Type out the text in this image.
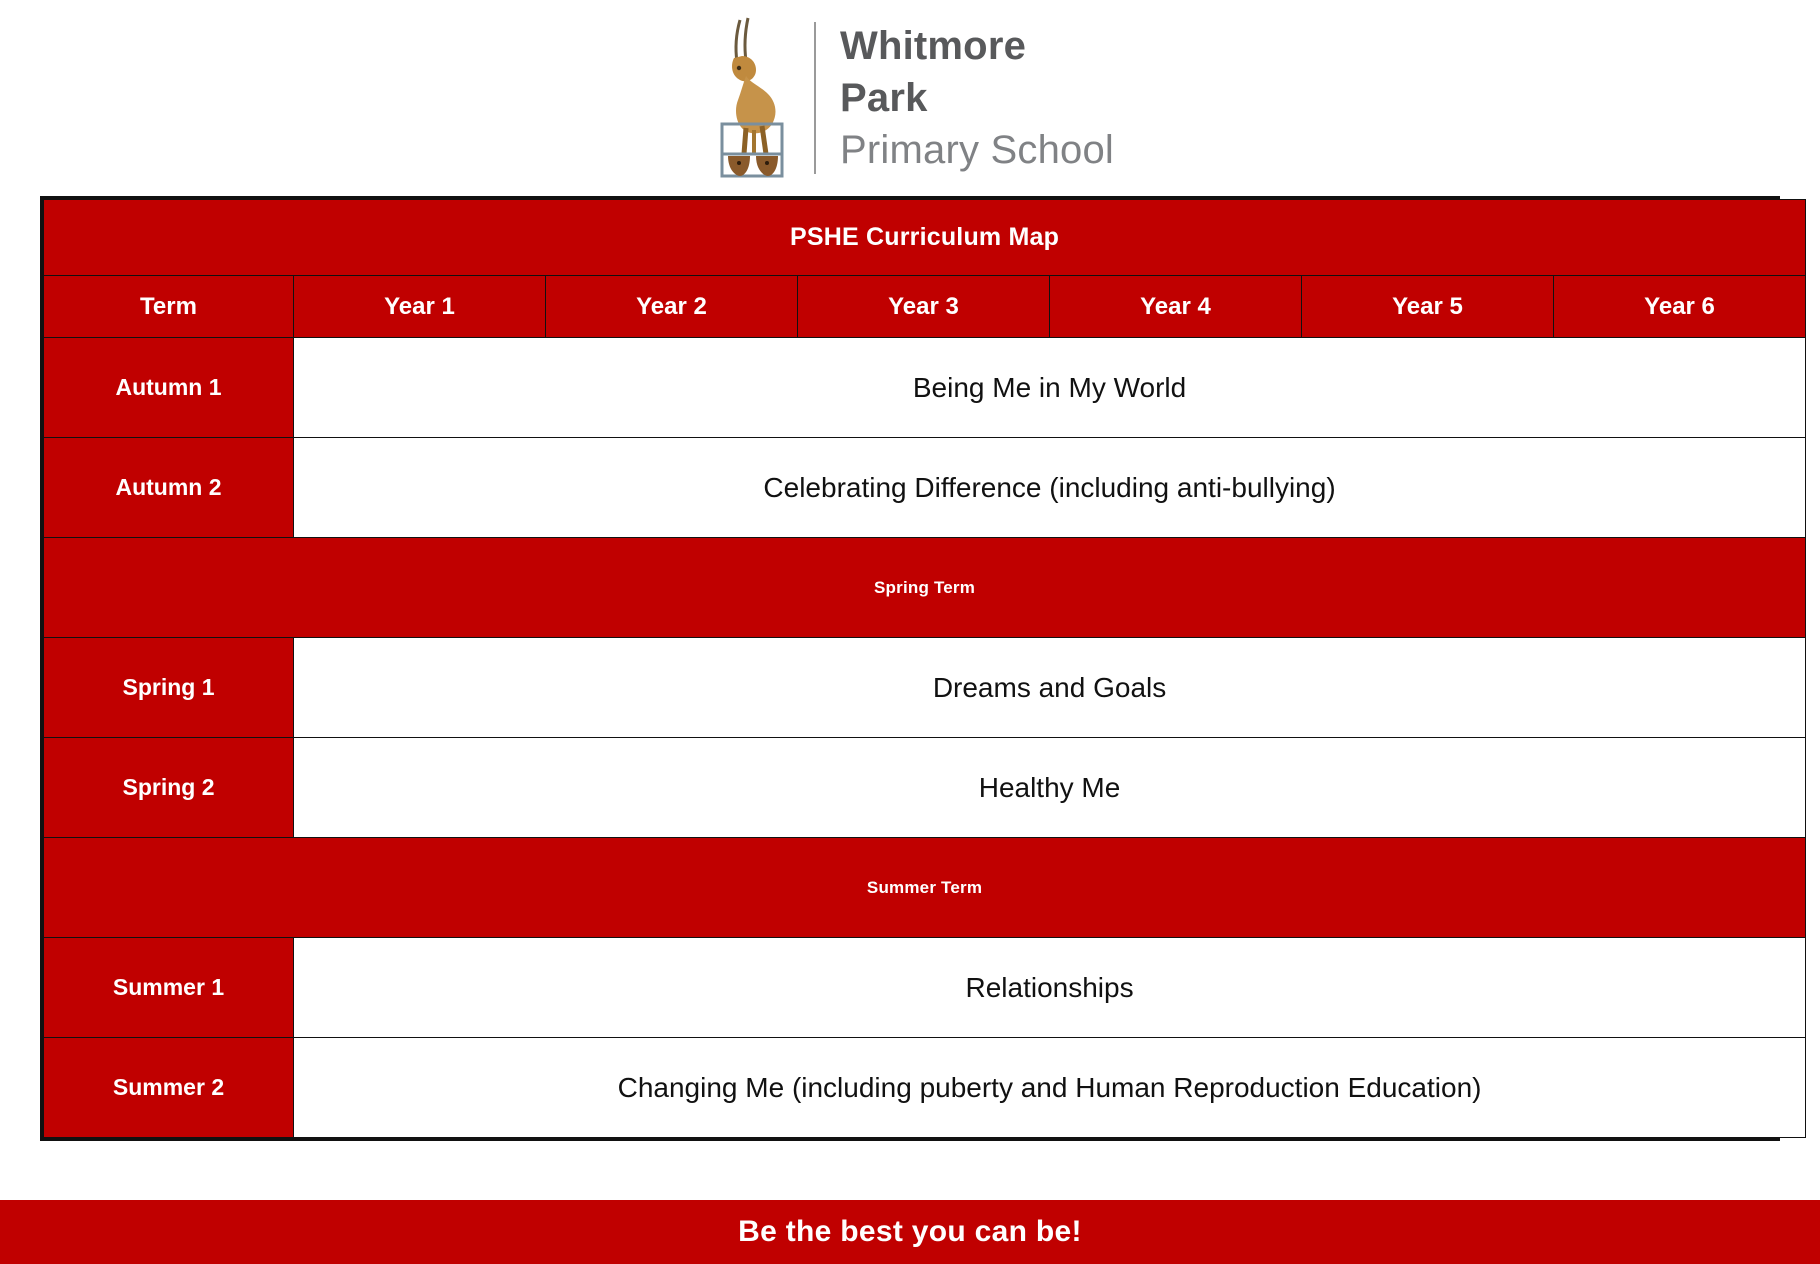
Whitmore
Park
Primary School
PSHE Curriculum Map						
Term	Year 1	Year 2	Year 3	Year 4	Year 5	Year 6
Autumn 1	Being Me in My World					
Autumn 2	Celebrating Difference (including anti-bullying)					
Spring Term						
Spring 1	Dreams and Goals					
Spring 2	Healthy Me					
Summer Term						
Summer 1	Relationships					
Summer 2	Changing Me (including puberty and Human Reproduction Education)					
Be the best you can be!
